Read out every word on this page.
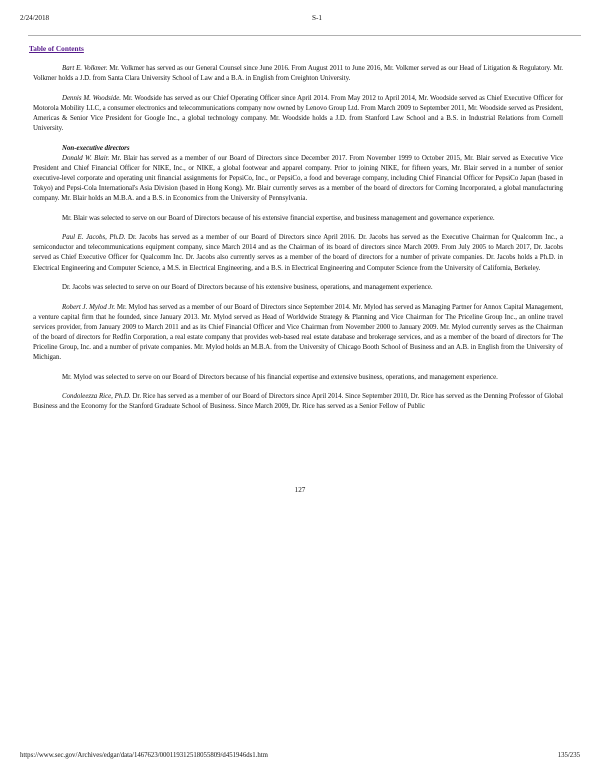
2/24/2018	S-1
Table of Contents

Bart E. Volkmer. Mr. Volkmer has served as our General Counsel since June 2016. From August 2011 to June 2016, Mr. Volkmer served as our Head of Litigation & Regulatory. Mr. Volkmer holds a J.D. from Santa Clara University School of Law and a B.A. in English from Creighton University.

Dennis M. Woodside. Mr. Woodside has served as our Chief Operating Officer since April 2014. From May 2012 to April 2014, Mr. Woodside served as Chief Executive Officer for Motorola Mobility LLC, a consumer electronics and telecommunications company now owned by Lenovo Group Ltd. From March 2009 to September 2011, Mr. Woodside served as President, Americas & Senior Vice President for Google Inc., a global technology company. Mr. Woodside holds a J.D. from Stanford Law School and a B.S. in Industrial Relations from Cornell University.

Non-executive directors

Donald W. Blair. Mr. Blair has served as a member of our Board of Directors since December 2017. From November 1999 to October 2015, Mr. Blair served as Executive Vice President and Chief Financial Officer for NIKE, Inc., or NIKE, a global footwear and apparel company. Prior to joining NIKE, for fifteen years, Mr. Blair served in a number of senior executive-level corporate and operating unit financial assignments for PepsiCo, Inc., or PepsiCo, a food and beverage company, including Chief Financial Officer for PepsiCo Japan (based in Tokyo) and Pepsi-Cola International's Asia Division (based in Hong Kong). Mr. Blair currently serves as a member of the board of directors for Corning Incorporated, a global manufacturing company. Mr. Blair holds an M.B.A. and a B.S. in Economics from the University of Pennsylvania.

Mr. Blair was selected to serve on our Board of Directors because of his extensive financial expertise, and business management and governance experience.

Paul E. Jacobs, Ph.D. Dr. Jacobs has served as a member of our Board of Directors since April 2016. Dr. Jacobs has served as the Executive Chairman for Qualcomm Inc., a semiconductor and telecommunications equipment company, since March 2014 and as the Chairman of its board of directors since March 2009. From July 2005 to March 2017, Dr. Jacobs served as Chief Executive Officer for Qualcomm Inc. Dr. Jacobs also currently serves as a member of the board of directors for a number of private companies. Dr. Jacobs holds a Ph.D. in Electrical Engineering and Computer Science, a M.S. in Electrical Engineering, and a B.S. in Electrical Engineering and Computer Science from the University of California, Berkeley.

Dr. Jacobs was selected to serve on our Board of Directors because of his extensive business, operations, and management experience.

Robert J. Mylod Jr. Mr. Mylod has served as a member of our Board of Directors since September 2014. Mr. Mylod has served as Managing Partner for Annox Capital Management, a venture capital firm that he founded, since January 2013. Mr. Mylod served as Head of Worldwide Strategy & Planning and Vice Chairman for The Priceline Group Inc., an online travel services provider, from January 2009 to March 2011 and as its Chief Financial Officer and Vice Chairman from November 2000 to January 2009. Mr. Mylod currently serves as the Chairman of the board of directors for Redfin Corporation, a real estate company that provides web-based real estate database and brokerage services, and as a member of the board of directors for The Priceline Group, Inc. and a number of private companies. Mr. Mylod holds an M.B.A. from the University of Chicago Booth School of Business and an A.B. in English from the University of Michigan.

Mr. Mylod was selected to serve on our Board of Directors because of his financial expertise and extensive business, operations, and management experience.

Condoleezza Rice, Ph.D. Dr. Rice has served as a member of our Board of Directors since April 2014. Since September 2010, Dr. Rice has served as the Denning Professor of Global Business and the Economy for the Stanford Graduate School of Business. Since March 2009, Dr. Rice has served as a Senior Fellow of Public

127
https://www.sec.gov/Archives/edgar/data/1467623/000119312518055809/d451946ds1.htm	135/235
